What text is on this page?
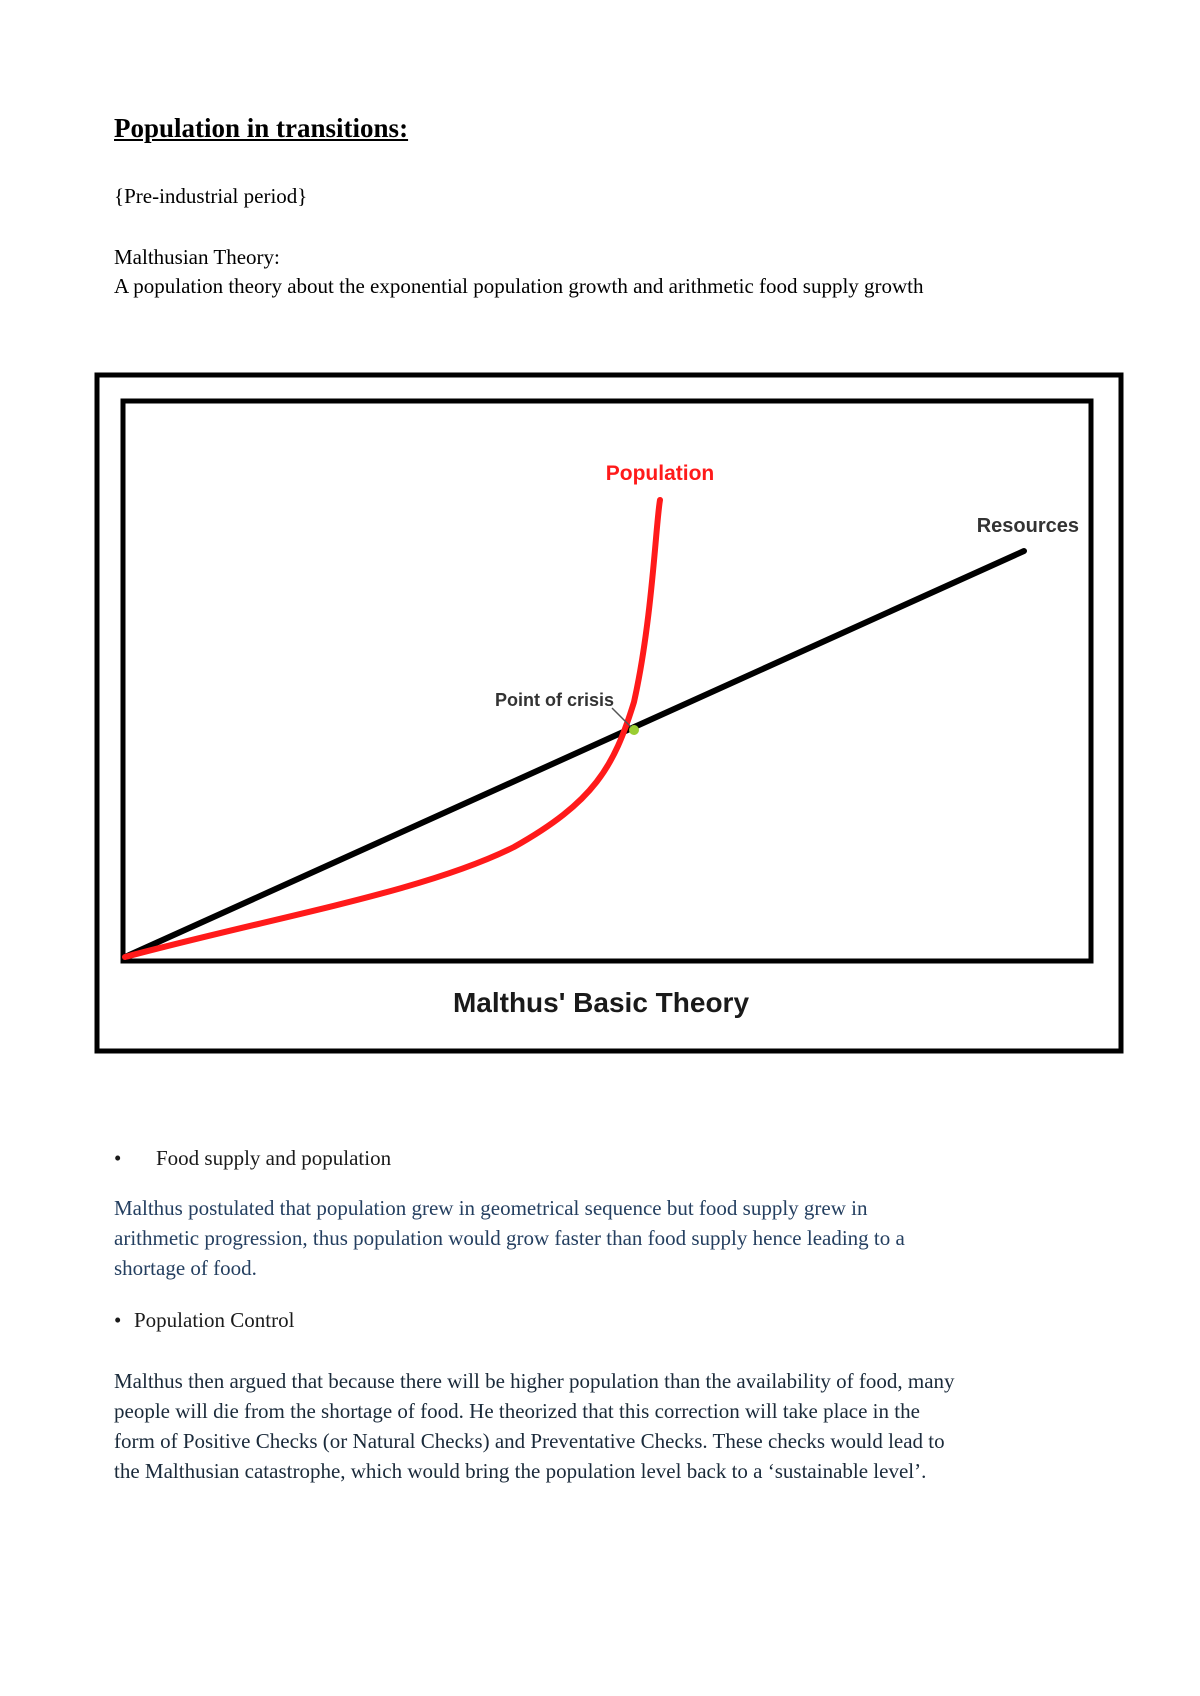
Population in transitions:
{Pre-industrial period}
Malthusian Theory:
A population theory about the exponential population growth and arithmetic food supply growth
Population
Resources
Point of crisis
Malthus' Basic Theory
• Food supply and population
Malthus postulated that population grew in geometrical sequence but food supply grew in
arithmetic progression, thus population would grow faster than food supply hence leading to a
shortage of food.
• Population Control
Malthus then argued that because there will be higher population than the availability of food, many
people will die from the shortage of food. He theorized that this correction will take place in the
form of Positive Checks (or Natural Checks) and Preventative Checks. These checks would lead to
the Malthusian catastrophe, which would bring the population level back to a ‘sustainable level’.
